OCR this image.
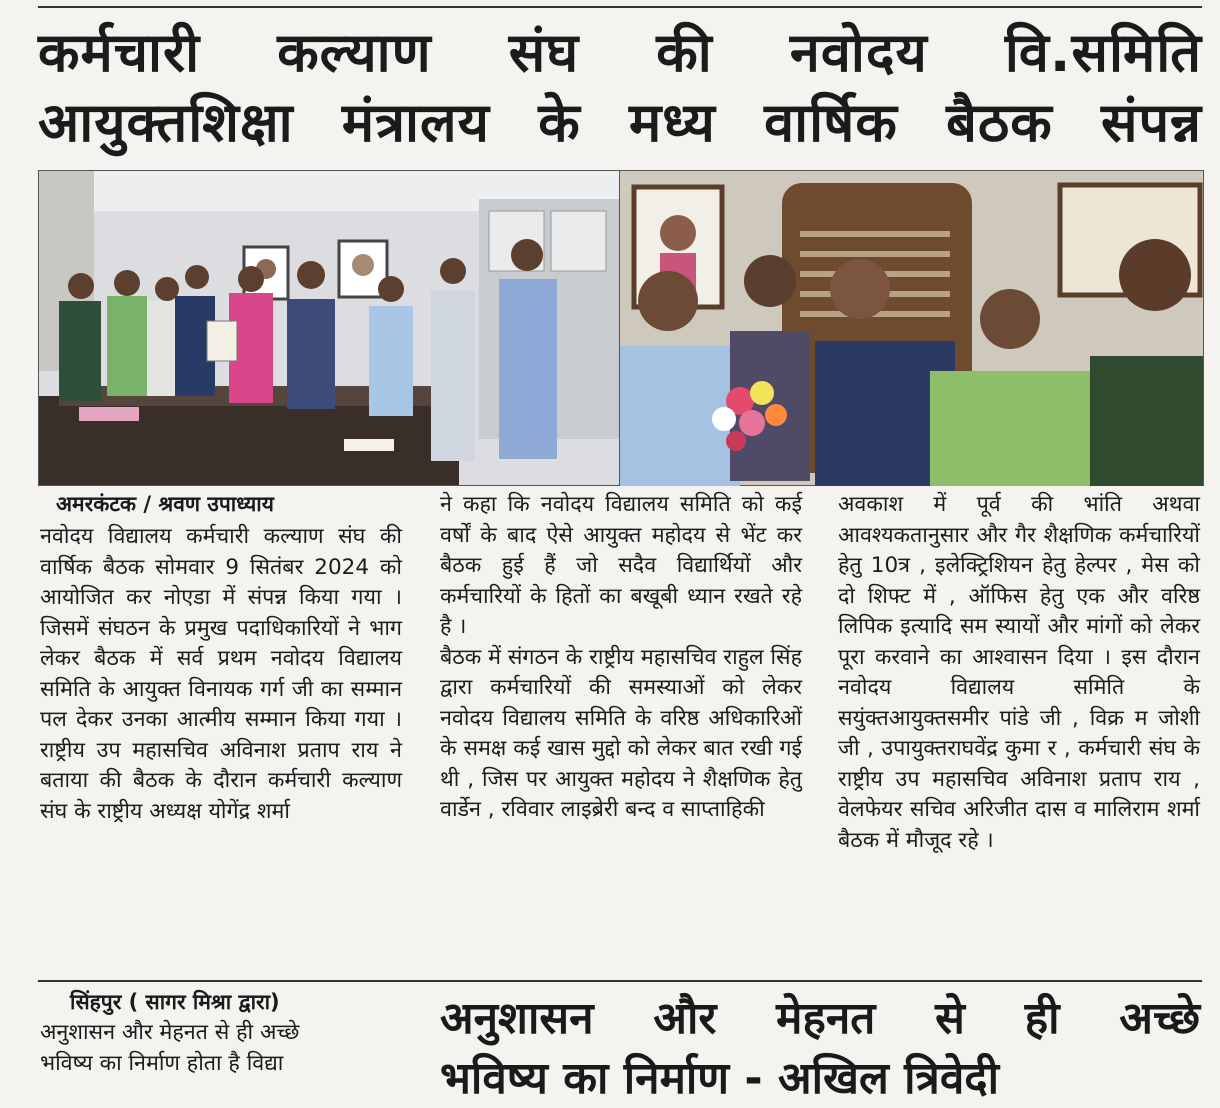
कर्मचारी कल्याण संघ की नवोदय वि.समिति
आयुक्तशिक्षा मंत्रालय के मध्य वार्षिक बैठक संपन्न
अमरकंटक / श्रवण उपाध्याय
नवोदय विद्यालय कर्मचारी कल्याण संघ की वार्षिक बैठक सोमवार 9 सितंबर 2024 को आयोजित कर नोएडा में संपन्न किया गया । जिसमें संघठन के प्रमुख पदाधिकारियों ने भाग लेकर बैठक में सर्व प्रथम नवोदय विद्यालय समिति के आयुक्त विनायक गर्ग जी का सम्मान पल देकर उनका आत्मीय सम्मान किया गया । राष्ट्रीय उप महासचिव अविनाश प्रताप राय ने बताया की बैठक के दौरान कर्मचारी कल्याण संघ के राष्ट्रीय अध्यक्ष योगेंद्र शर्मा
ने कहा कि नवोदय विद्यालय समिति को कई वर्षों के बाद ऐसे आयुक्त महोदय से भेंट कर बैठक हुई हैं जो सदैव विद्यार्थियों और कर्मचारियों के हितों का बखूबी ध्यान रखते रहे है ।
बैठक में संगठन के राष्ट्रीय महासचिव राहुल सिंह द्वारा कर्मचारियों की समस्याओं को लेकर नवोदय विद्यालय समिति के वरिष्ठ अधिकारिओं के समक्ष कई खास मुद्दो को लेकर बात रखी गई थी , जिस पर आयुक्त महोदय ने शैक्षणिक हेतु वार्डेन , रविवार लाइब्रेरी बन्द व साप्ताहिकी
अवकाश में पूर्व की भांति अथवा आवश्यकतानुसार और गैर शैक्षणिक कर्मचारियों हेतु 10त्र , इलेक्ट्रिशियन हेतु हेल्पर , मेस को दो शिफ्ट में , ऑफिस हेतु एक और वरिष्ठ लिपिक इत्यादि सम स्यायों और मांगों को लेकर पूरा करवाने का आश्वासन दिया । इस दौरान नवोदय विद्यालय समिति के सयुंक्तआयुक्तसमीर पांडे जी , विक्र म जोशी जी , उपायुक्तराघवेंद्र कुमा र , कर्मचारी संघ के राष्ट्रीय उप महासचिव अविनाश प्रताप राय , वेलफेयर सचिव अरिजीत दास व मालिराम शर्मा बैठक में मौजूद रहे ।
सिंहपुर ( सागर मिश्रा द्वारा)
अनुशासन और मेहनत से ही अच्छे
भविष्य का निर्माण होता है विद्या
अनुशासन और मेहनत से ही अच्छे
भविष्य का निर्माण - अखिल त्रिवेदी
